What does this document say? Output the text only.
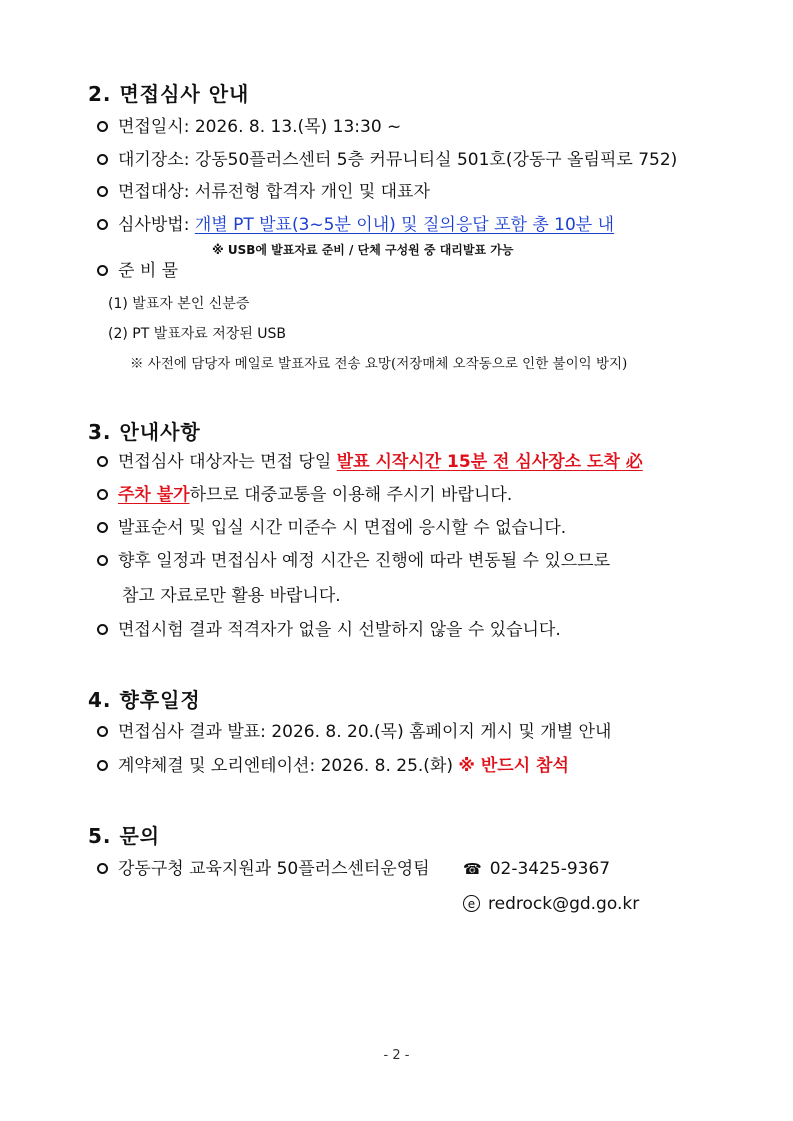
2. 면접심사 안내
면접일시: 2026. 8. 13.(목) 13:30 ~
대기장소: 강동50플러스센터 5층 커뮤니티실 501호(강동구 올림픽로 752)
면접대상: 서류전형 합격자 개인 및 대표자
심사방법: 개별 PT 발표(3~5분 이내) 및 질의응답 포함 총 10분 내
※ USB에 발표자료 준비 / 단체 구성원 중 대리발표 가능
준 비 물
(1) 발표자 본인 신분증
(2) PT 발표자료 저장된 USB
※ 사전에 담당자 메일로 발표자료 전송 요망(저장매체 오작동으로 인한 불이익 방지)
3. 안내사항
면접심사 대상자는 면접 당일 발표 시작시간 15분 전 심사장소 도착 必
주차 불가하므로 대중교통을 이용해 주시기 바랍니다.
발표순서 및 입실 시간 미준수 시 면접에 응시할 수 없습니다.
향후 일정과 면접심사 예정 시간은 진행에 따라 변동될 수 있으므로
참고 자료로만 활용 바랍니다.
면접시험 결과 적격자가 없을 시 선발하지 않을 수 있습니다.
4. 향후일정
면접심사 결과 발표: 2026. 8. 20.(목) 홈페이지 게시 및 개별 안내
계약체결 및 오리엔테이션: 2026. 8. 25.(화) ※ 반드시 참석
5. 문의
강동구청 교육지원과 50플러스센터운영팀 ☎ 02-3425-9367
e redrock@gd.go.kr
- 2 -
